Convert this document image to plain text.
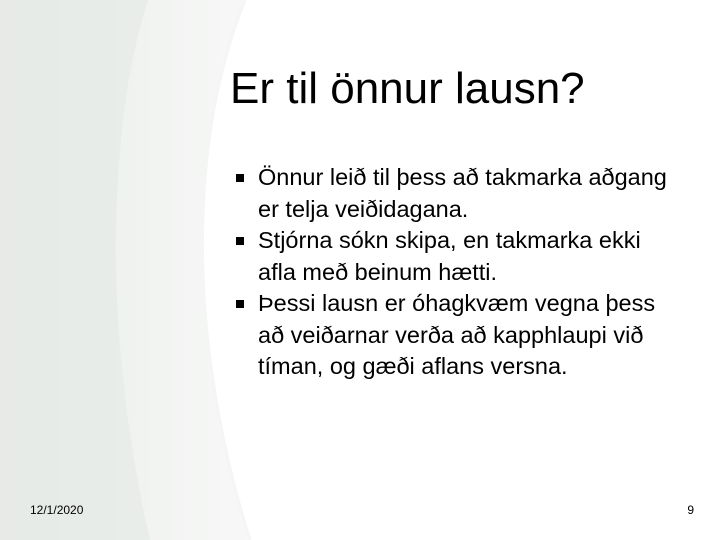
Er til önnur lausn?
Önnur leið til þess að takmarka aðgang er telja veiðidagana.
Stjórna sókn skipa, en takmarka ekki afla með beinum hætti.
Þessi lausn er óhagkvæm vegna þess að veiðarnar verða að kapphlaupi við tíman, og gæði aflans versna.
12/1/2020	9
